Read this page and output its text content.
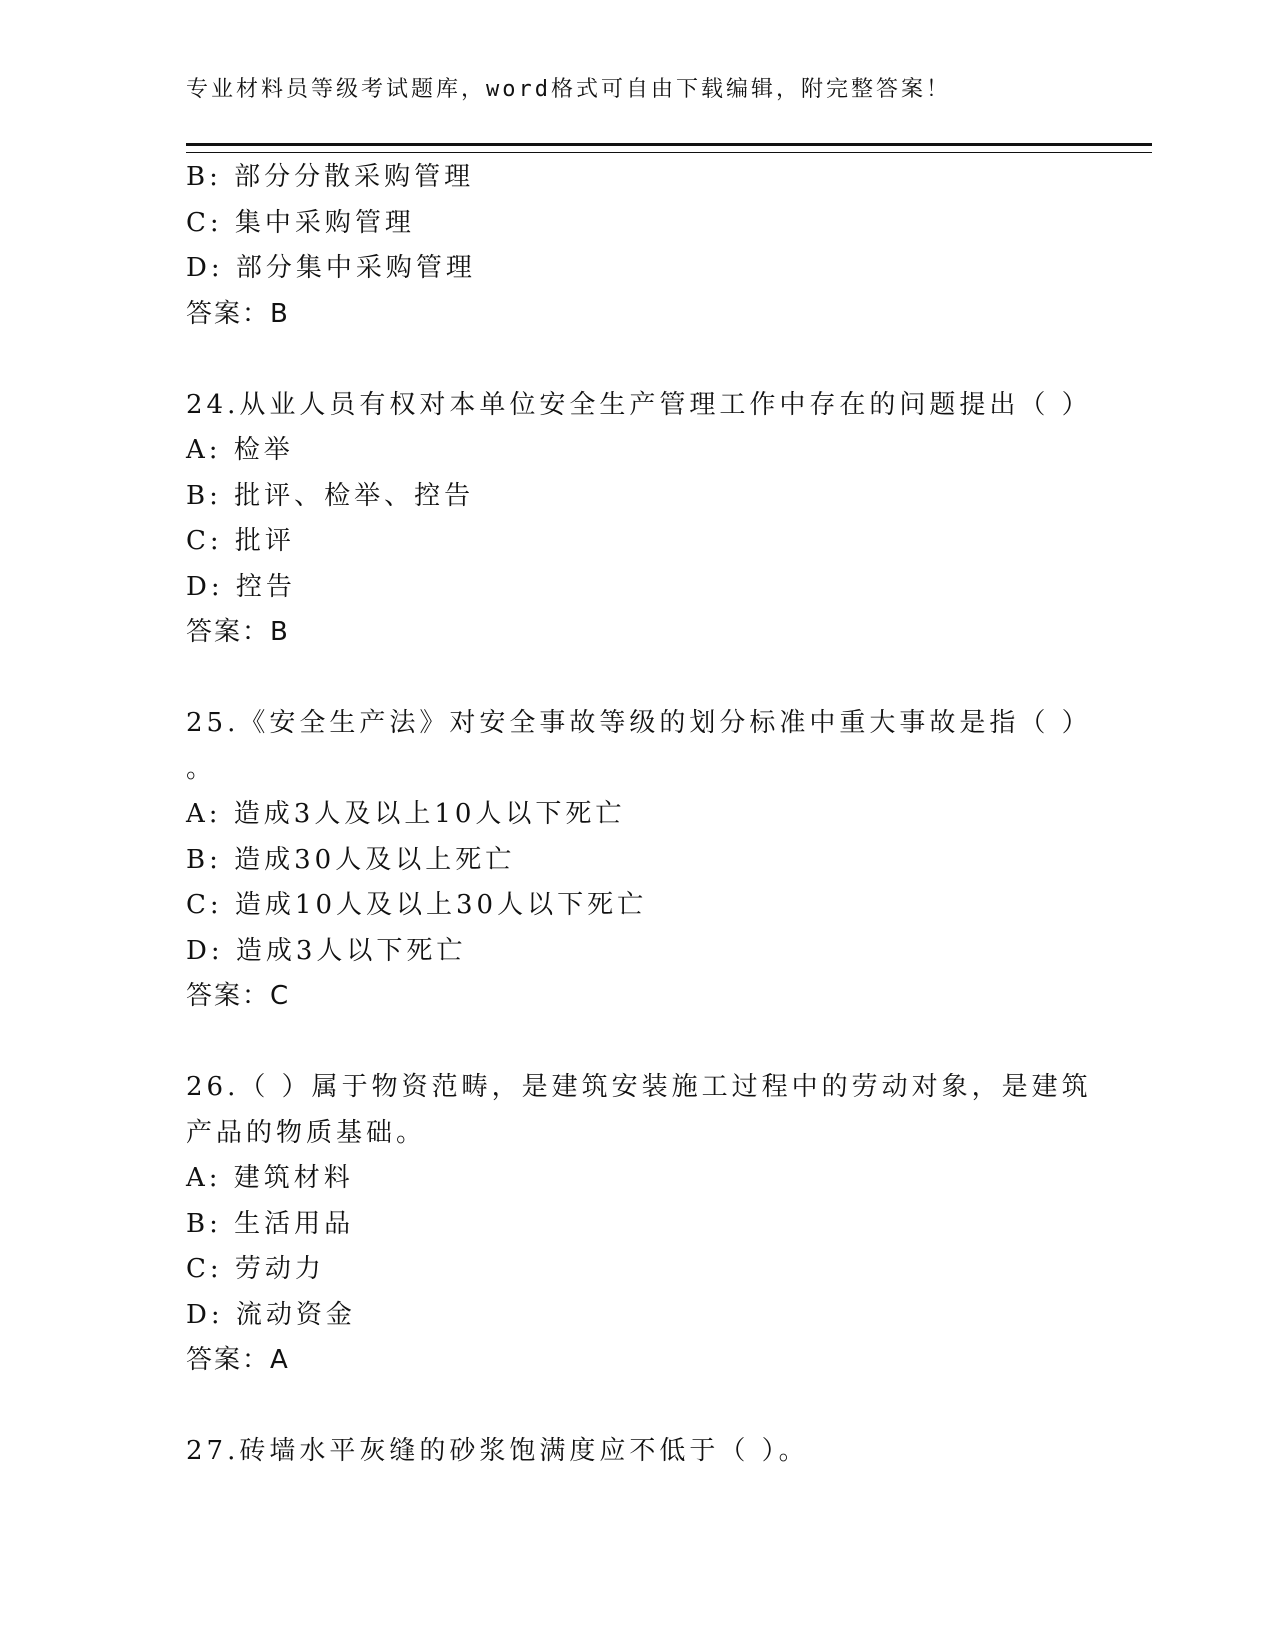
专业材料员等级考试题库，word格式可自由下载编辑，附完整答案！
B: 部分分散采购管理
C: 集中采购管理
D: 部分集中采购管理
答案：B
24.从业人员有权对本单位安全生产管理工作中存在的问题提出（ ）
A: 检举
B: 批评、检举、控告
C: 批评
D: 控告
答案：B
25.《安全生产法》对安全事故等级的划分标准中重大事故是指（ ）
。
A: 造成3人及以上10人以下死亡
B: 造成30人及以上死亡
C: 造成10人及以上30人以下死亡
D: 造成3人以下死亡
答案：C
26.（ ）属于物资范畴，是建筑安装施工过程中的劳动对象，是建筑
产品的物质基础。
A: 建筑材料
B: 生活用品
C: 劳动力
D: 流动资金
答案：A
27.砖墙水平灰缝的砂浆饱满度应不低于（ ）。
